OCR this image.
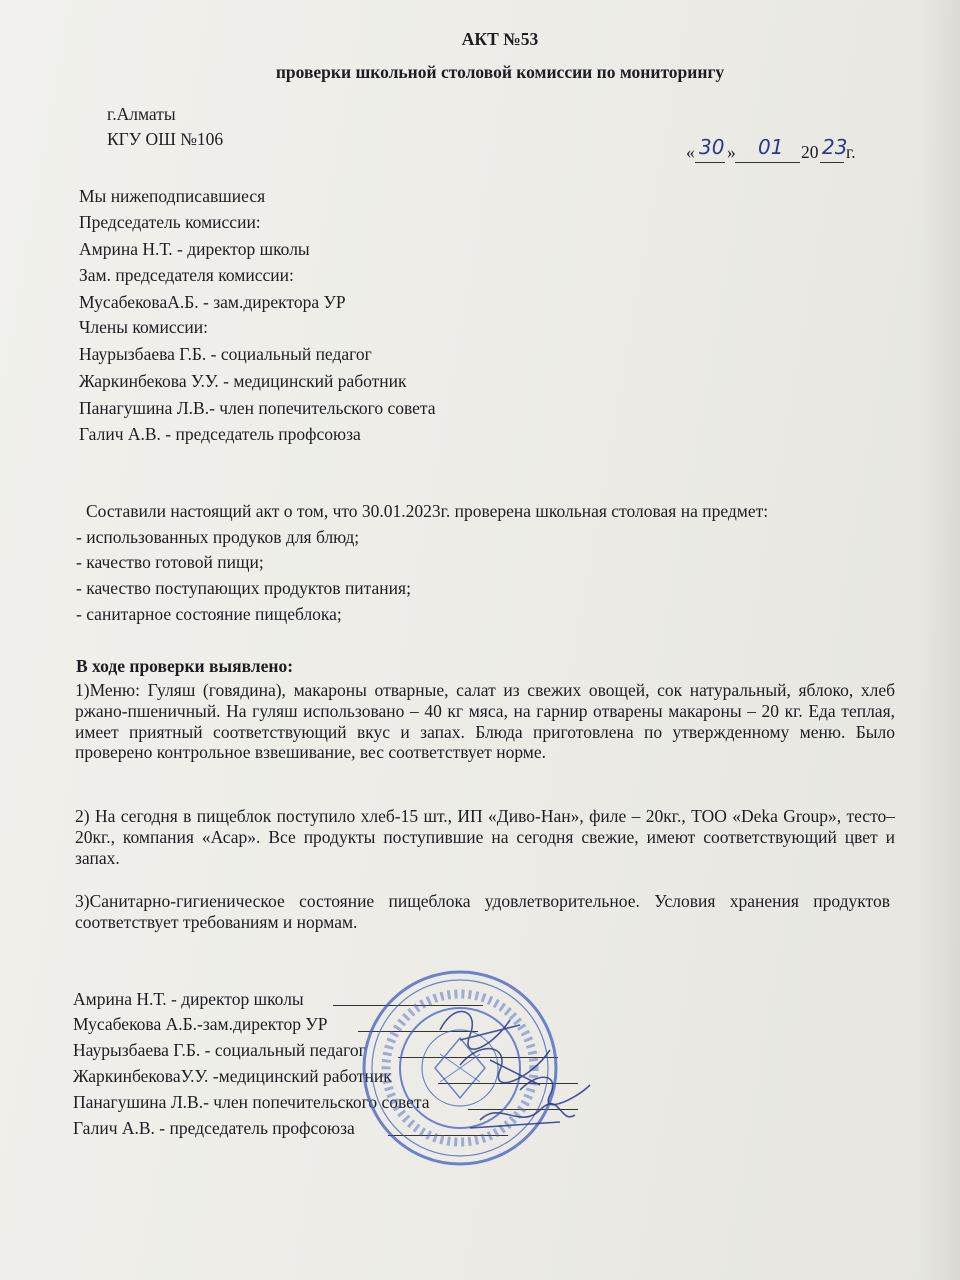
АКТ №53
проверки школьной столовой комиссии по мониторингу
г.Алматы
КГУ ОШ №106
« 30 » 01 20 23
г.
Мы нижеподписавшиеся
Председатель комиссии:
Амрина Н.Т. - директор школы
Зам. председателя комиссии:
МусабековаА.Б. - зам.директора УР
Члены комиссии:
Наурызбаева Г.Б. - социальный педагог
Жаркинбекова У.У. - медицинский работник
Панагушина Л.В.- член попечительского совета
Галич А.В. - председатель профсоюза
Составили настоящий акт о том, что 30.01.2023г. проверена школьная столовая на предмет:
- использованных продуков для блюд;
- качество готовой пищи;
- качество поступающих продуктов питания;
- санитарное состояние пищеблока;
В ходе проверки выявлено:
1)Меню: Гуляш (говядина), макароны отварные, салат из свежих овощей, сок натуральный, яблоко, хлеб ржано-пшеничный. На гуляш использовано – 40 кг мяса, на гарнир отварены макароны – 20 кг. Еда теплая, имеет приятный соответствующий вкус и запах. Блюда приготовлена по утвержденному меню. Было проверено контрольное взвешивание, вес соответствует норме.
2) На сегодня в пищеблок поступило хлеб-15 шт., ИП «Диво-Нан», филе – 20кг., ТОО «Deka Group», тесто–20кг., компания «Асар». Все продукты поступившие на сегодня свежие, имеют соответствующий цвет и запах.
3)Санитарно-гигиеническое состояние пищеблока удовлетворительное. Условия хранения продуктов соответствует требованиям и нормам.
Амрина Н.Т. - директор школы
Мусабекова А.Б.-зам.директор УР
Наурызбаева Г.Б. - социальный педагог
ЖаркинбековаУ.У. -медицинский работник
Панагушина Л.В.- член попечительского совета
Галич А.В. - председатель профсоюза
